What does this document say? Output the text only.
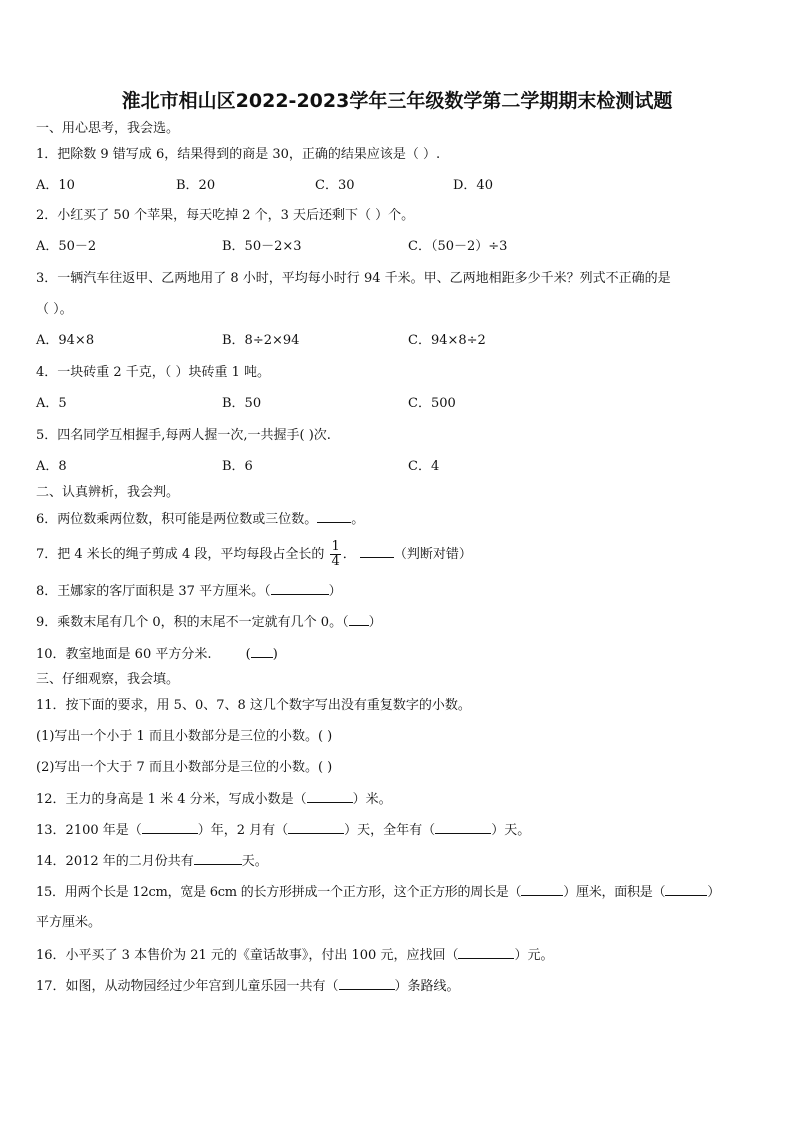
淮北市相山区2022-2023学年三年级数学第二学期期末检测试题
一、用心思考，我会选。
1．把除数 9 错写成 6，结果得到的商是 30，正确的结果应该是（ ）.
A．10	B．20	C．30	D．40
2．小红买了 50 个苹果，每天吃掉 2 个，3 天后还剩下（ ）个。
A．50－2	B．50－2×3	C．（50－2）÷3
3．一辆汽车往返甲、乙两地用了 8 小时，平均每小时行 94 千米。甲、乙两地相距多少千米？列式不正确的是
（ ）。
A．94×8	B．8÷2×94	C．94×8÷2
4．一块砖重 2 千克，（ ）块砖重 1 吨。
A．5	B．50	C．500
5．四名同学互相握手,每两人握一次,一共握手( )次.
A．8	B．6	C．4
二、认真辨析，我会判。
6．两位数乘两位数，积可能是两位数或三位数。	。
7．把 4 米长的绳子剪成 4 段，平均每段占全长的 $\frac{1}{4}$ ．	（判断对错）
8．王娜家的客厅面积是 37 平方厘米。（	）
9．乘数末尾有几个 0，积的末尾不一定就有几个 0。（ ）
10．教室地面是 60 平方分米.	( )
三、仔细观察，我会填。
11．按下面的要求，用 5、0、7、8 这几个数字写出没有重复数字的小数。
(1)写出一个小于 1 而且小数部分是三位的小数。( )
(2)写出一个大于 7 而且小数部分是三位的小数。( )
12．王力的身高是 1 米 4 分米，写成小数是（	）米。
13．2100 年是（	）年，2 月有（	）天，全年有（	）天。
14．2012 年的二月份共有	天。
15．用两个长是 12cm，宽是 6cm 的长方形拼成一个正方形，这个正方形的周长是（	）厘米，面积是（	）
平方厘米。
16．小平买了 3 本售价为 21 元的《童话故事》，付出 100 元，应找回（	）元。
17．如图，从动物园经过少年宫到儿童乐园一共有（	）条路线。
